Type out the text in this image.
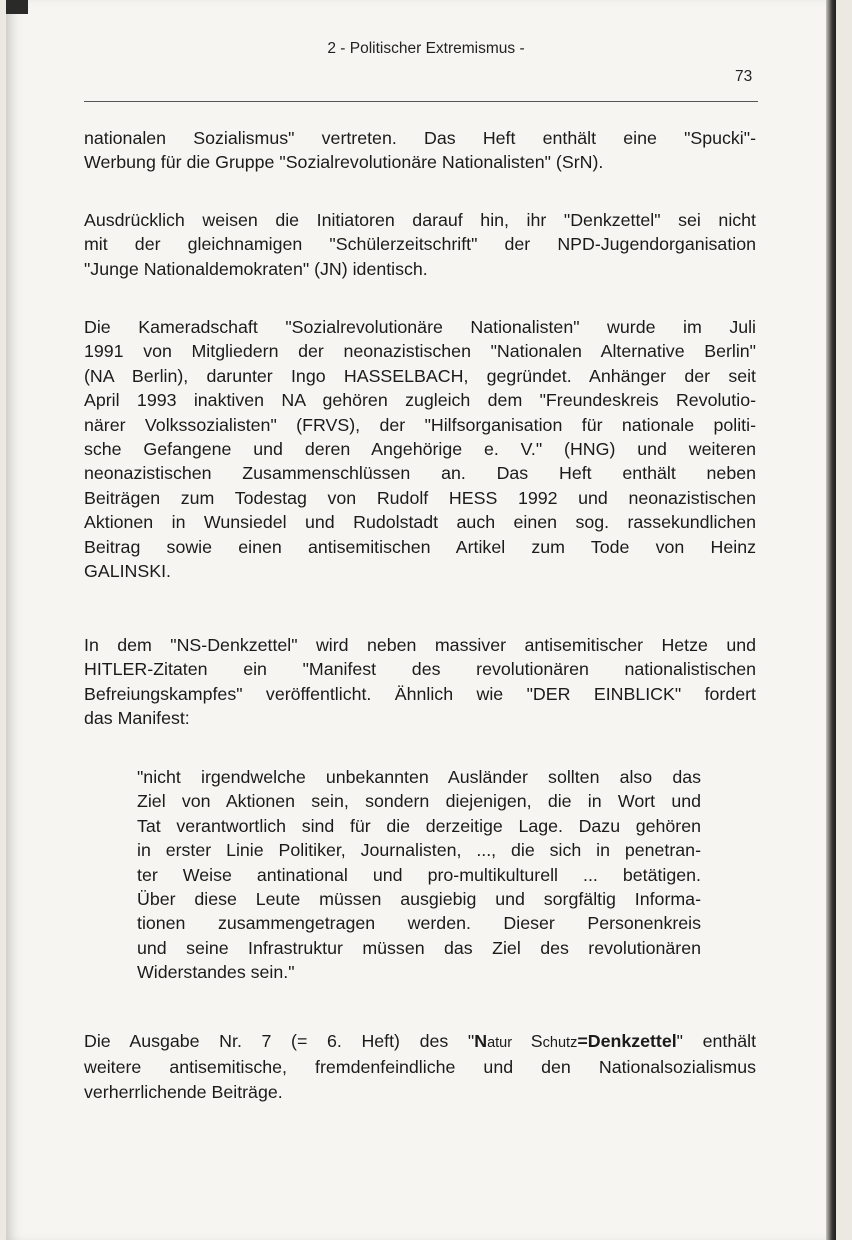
2 - Politischer Extremismus -
73

nationalen Sozialismus" vertreten. Das Heft enthält eine "Spucki"-
Werbung für die Gruppe "Sozialrevolutionäre Nationalisten" (SrN).

Ausdrücklich weisen die Initiatoren darauf hin, ihr "Denkzettel" sei nicht
mit der gleichnamigen "Schülerzeitschrift" der NPD-Jugendorganisation
"Junge Nationaldemokraten" (JN) identisch.

Die Kameradschaft "Sozialrevolutionäre Nationalisten" wurde im Juli
1991 von Mitgliedern der neonazistischen "Nationalen Alternative Berlin"
(NA Berlin), darunter Ingo HASSELBACH, gegründet. Anhänger der seit
April 1993 inaktiven NA gehören zugleich dem "Freundeskreis Revolutio-
närer Volkssozialisten" (FRVS), der "Hilfsorganisation für nationale politi-
sche Gefangene und deren Angehörige e. V." (HNG) und weiteren
neonazistischen Zusammenschlüssen an. Das Heft enthält neben
Beiträgen zum Todestag von Rudolf HESS 1992 und neonazistischen
Aktionen in Wunsiedel und Rudolstadt auch einen sog. rassekundlichen
Beitrag sowie einen antisemitischen Artikel zum Tode von Heinz
GALINSKI.

In dem "NS-Denkzettel" wird neben massiver antisemitischer Hetze und
HITLER-Zitaten ein "Manifest des revolutionären nationalistischen
Befreiungskampfes" veröffentlicht. Ähnlich wie "DER EINBLICK" fordert
das Manifest:

"nicht irgendwelche unbekannten Ausländer sollten also das
Ziel von Aktionen sein, sondern diejenigen, die in Wort und
Tat verantwortlich sind für die derzeitige Lage. Dazu gehören
in erster Linie Politiker, Journalisten, ..., die sich in penetran-
ter Weise antinational und pro-multikulturell ... betätigen.
Über diese Leute müssen ausgiebig und sorgfältig Informa-
tionen zusammengetragen werden. Dieser Personenkreis
und seine Infrastruktur müssen das Ziel des revolutionären
Widerstandes sein."

Die Ausgabe Nr. 7 (= 6. Heft) des "Natur Schutz=Denkzettel" enthält
weitere antisemitische, fremdenfeindliche und den Nationalsozialismus
verherrlichende Beiträge.
